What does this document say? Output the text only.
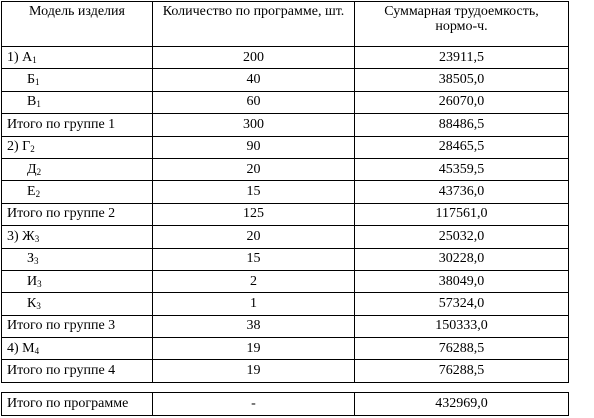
Модель изделия	Количество по программе, шт.	Суммарная трудоемкость,
нормо-ч.
1) $А_1$	200	23911,5
$Б_1$	40	38505,0
$В_1$	60	26070,0
Итого по группе 1	300	88486,5
2) $Г_2$	90	28465,5
$Д_2$	20	45359,5
$Е_2$	15	43736,0
Итого по группе 2	125	117561,0
3) $Ж_3$	20	25032,0
$З_3$	15	30228,0
$И_3$	2	38049,0
$К_3$	1	57324,0
Итого по группе 3	38	150333,0
4) $М_4$	19	76288,5
Итого по группе 4	19	76288,5
Итого по программе	-	432969,0
